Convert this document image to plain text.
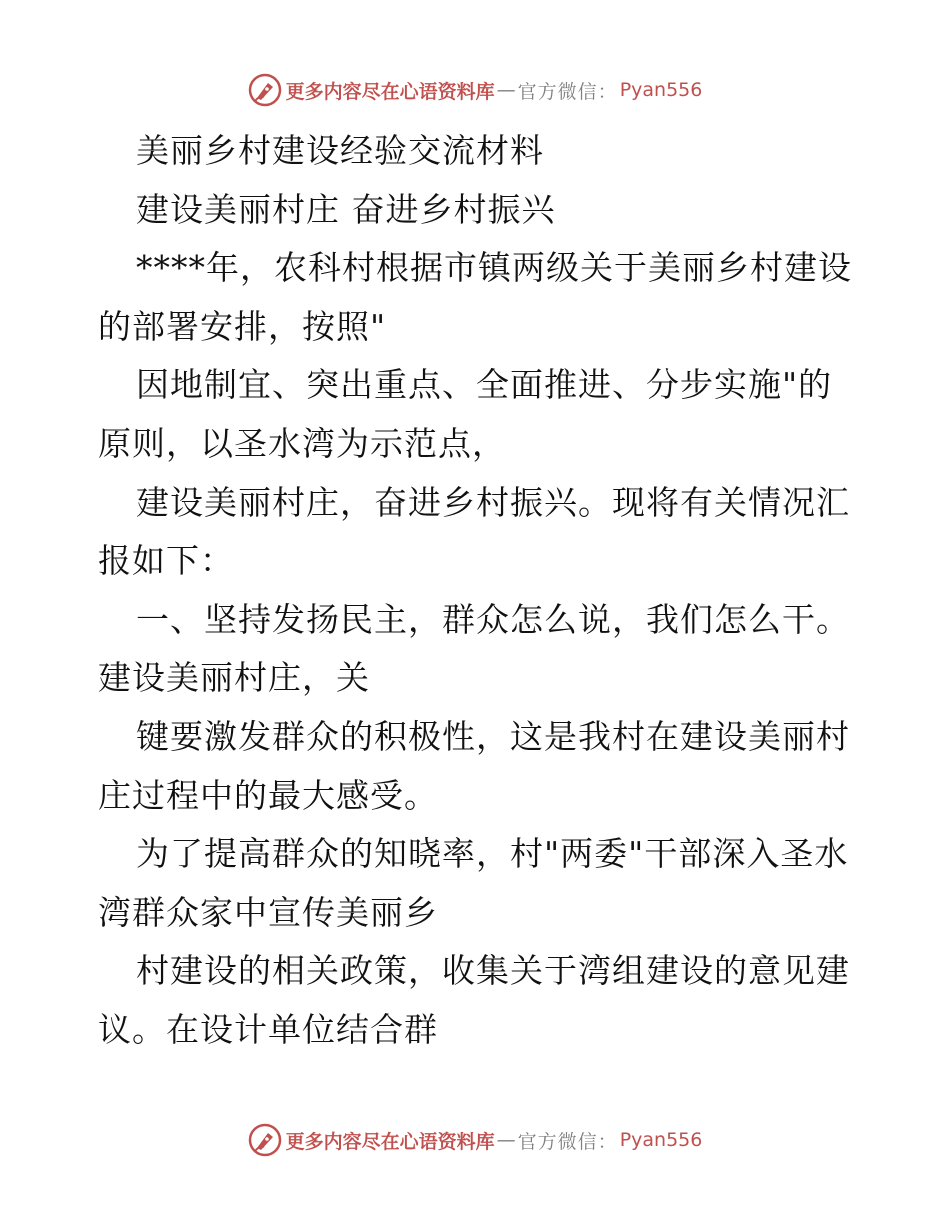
更多内容尽在心语资料库 — 官方微信： Pyan556
美丽乡村建设经验交流材料
建设美丽村庄 奋进乡村振兴
****年，农科村根据市镇两级关于美丽乡村建设
的部署安排，按照"
因地制宜、突出重点、全面推进、分步实施"的
原则，以圣水湾为示范点，
建设美丽村庄，奋进乡村振兴。现将有关情况汇
报如下：
一、坚持发扬民主，群众怎么说，我们怎么干。
建设美丽村庄，关
键要激发群众的积极性，这是我村在建设美丽村
庄过程中的最大感受。
为了提高群众的知晓率，村"两委"干部深入圣水
湾群众家中宣传美丽乡
村建设的相关政策，收集关于湾组建设的意见建
议。在设计单位结合群
更多内容尽在心语资料库 — 官方微信： Pyan556
